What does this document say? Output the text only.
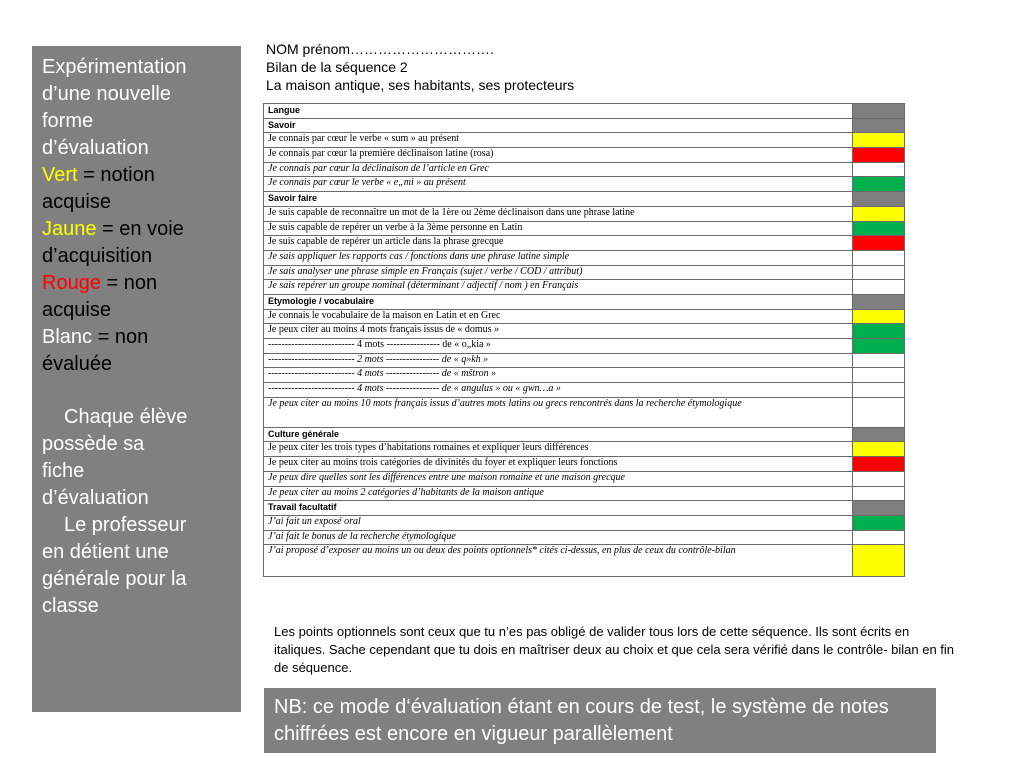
Expérimentation
d’une nouvelle
forme
d’évaluation
Vert = notion
acquise
Jaune = en voie
d’acquisition
Rouge = non
acquise
Blanc = non
évaluée
Chaque élève
possède sa
fiche
d’évaluation
Le professeur
en détient une
générale pour la
classe
NOM prénom………………………….
Bilan de la séquence 2
La maison antique, ses habitants, ses protecteurs
Langue	
Savoir	
Je connais par cœur le verbe « sum » au présent	
Je connais par cœur la première déclinaison latine (rosa)	
Je connais par cœur la déclinaison de l’article en Grec	
Je connais par cœur le verbe « e„mi » au présent	
Savoir faire	
Je suis capable de reconnaître un mot de la 1ère ou 2ème déclinaison dans une phrase latine	
Je suis capable de repérer un verbe à la 3ème personne en Latin	
Je suis capable de repérer un article dans la phrase grecque	
Je sais appliquer les rapports cas / fonctions dans une phrase latine simple	
Je sais analyser une phrase simple en Français (sujet / verbe / COD / attribut)	
Je sais repérer un groupe nominal (déterminant / adjectif / nom ) en Français	
Etymologie / vocabulaire	
Je connais le vocabulaire de la maison en Latin et en Grec	
Je peux citer au moins 4 mots français issus de « domus »	
-------------------------- 4 mots ---------------- de « o„kia »	
-------------------------- 2 mots ---------------- de « q»kh »	
-------------------------- 4 mots ---------------- de « mštron »	
-------------------------- 4 mots ---------------- de « angulus » ou « gwn…a »	
Je peux citer au moins 10 mots français issus d’autres mots latins ou grecs rencontrés dans la recherche étymologique	
Culture générale	
Je peux citer les trois types d’habitations romaines et expliquer leurs différences	
Je peux citer au moins trois catégories de divinités du foyer et expliquer leurs fonctions	
Je peux dire quelles sont les différences entre une maison romaine et une maison grecque	
Je peux citer au moins 2 catégories d’habitants de la maison antique	
Travail facultatif	
J’ai fait un exposé oral	
J’ai fait le bonus de la recherche étymologique	
J’ai proposé d’exposer au moins un ou deux des points optionnels* cités ci-dessus, en plus de ceux du contrôle-bilan	
Les points optionnels sont ceux que tu n’es pas obligé de valider tous lors de cette séquence. Ils sont écrits en italiques. Sache cependant que tu dois en maîtriser deux au choix et que cela sera vérifié dans le contrôle- bilan en fin de séquence.
NB: ce mode d‘évaluation étant en cours de test, le système de notes chiffrées est encore en vigueur parallèlement
